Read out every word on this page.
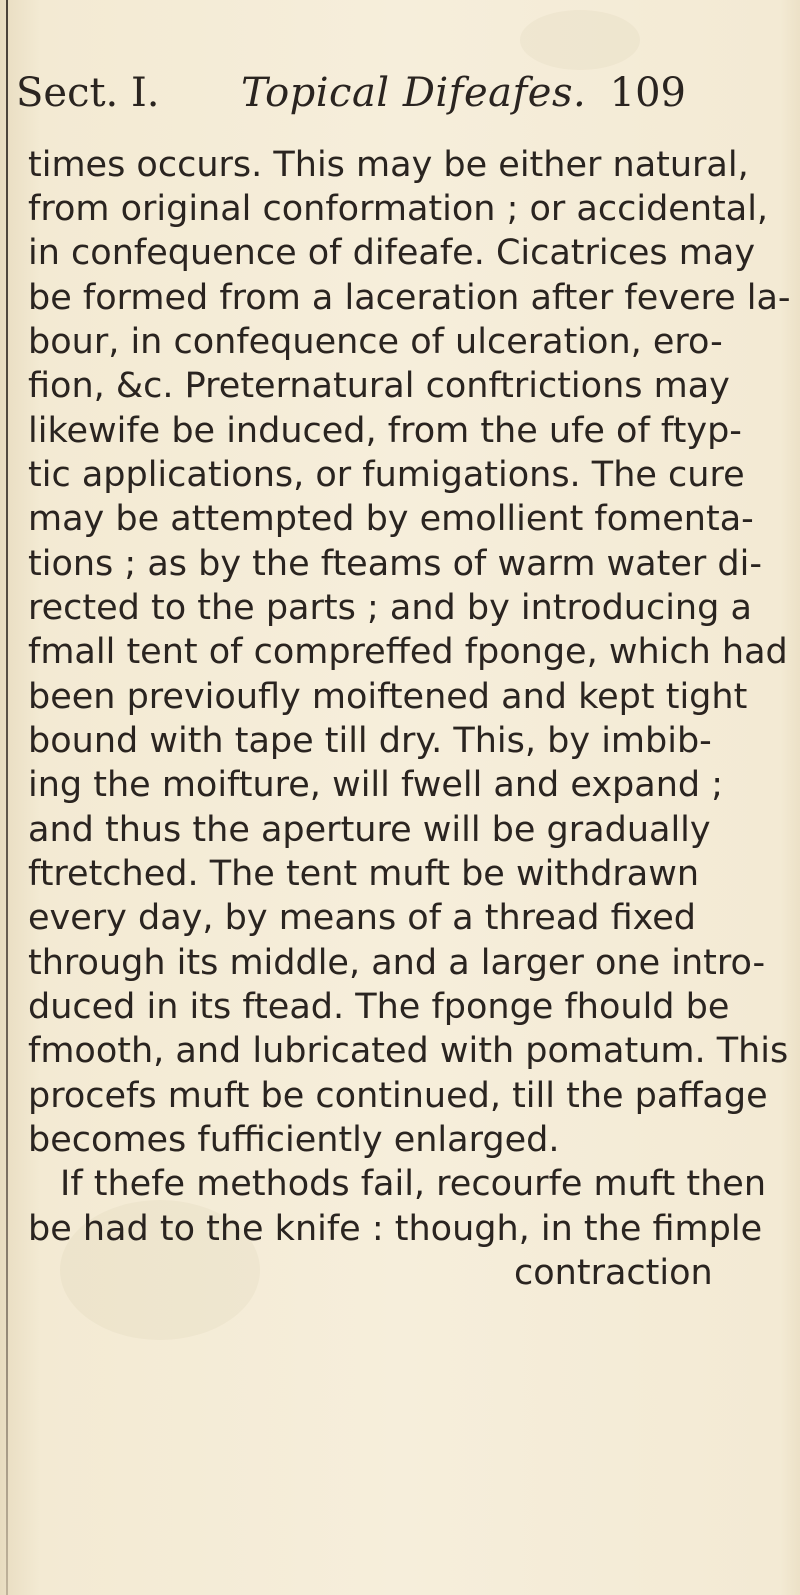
Sect. I. Topical Difeafes. 109
times occurs. This may be either natural,
from original conformation ; or accidental,
in confequence of difeafe. Cicatrices may
be formed from a laceration after fevere la-
bour, in confequence of ulceration, ero-
fion, &c. Preternatural conftrictions may
likewife be induced, from the ufe of ftyp-
tic applications, or fumigations. The cure
may be attempted by emollient fomenta-
tions ; as by the fteams of warm water di-
rected to the parts ; and by introducing a
fmall tent of compreffed fponge, which had
been previoufly moiftened and kept tight
bound with tape till dry. This, by imbib-
ing the moifture, will fwell and expand ;
and thus the aperture will be gradually
ftretched. The tent muft be withdrawn
every day, by means of a thread fixed
through its middle, and a larger one intro-
duced in its ftead. The fponge fhould be
fmooth, and lubricated with pomatum. This
procefs muft be continued, till the paffage
becomes fufficiently enlarged.
If thefe methods fail, recourfe muft then
be had to the knife : though, in the fimple
contraction
